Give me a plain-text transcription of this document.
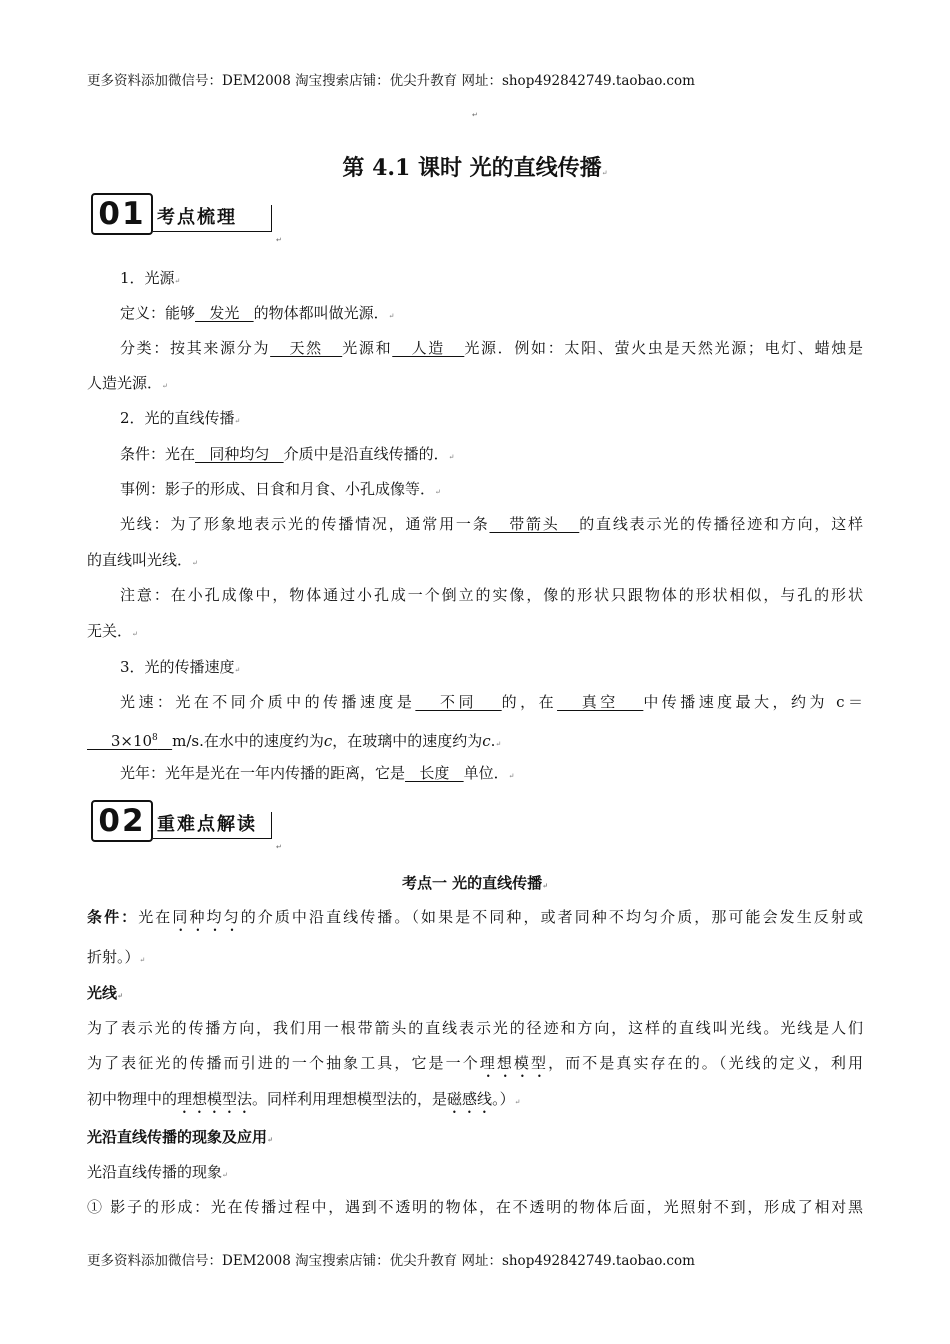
更多资料添加微信号：DEM2008 淘宝搜索店铺：优尖升教育 网址：shop492842749.taobao.com
↵
第 4.1 课时 光的直线传播↵
01 考点梳理
↵
1．光源↵
定义：能够   发光   的物体都叫做光源．↵
分类：按其来源分为   天然   光源和   人造   光源．例如：太阳、萤火虫是天然光源；电灯、蜡烛是
人造光源．↵
2．光的直线传播↵
条件：光在   同种均匀   介质中是沿直线传播的．↵
事例：影子的形成、日食和月食、小孔成像等．↵
光线：为了形象地表示光的传播情况，通常用一条   带箭头   的直线表示光的传播径迹和方向，这样
的直线叫光线．↵
注意：在小孔成像中，物体通过小孔成一个倒立的实像，像的形状只跟物体的形状相似，与孔的形状
无关．↵
3．光的传播速度↵
光速：光在不同介质中的传播速度是   不同   的，在   真空   中传播速度最大，约为 c＝
$3\times 10^8$ m/s.在水中的速度约为c，在玻璃中的速度约为c.↵
光年：光年是光在一年内传播的距离，它是   长度   单位．↵
02 重难点解读
↵
考点一 光的直线传播↵
条件：光在同种均匀的介质中沿直线传播。（如果是不同种，或者同种不均匀介质，那可能会发生反射或
折射。）↵
光线↵
为了表示光的传播方向，我们用一根带箭头的直线表示光的径迹和方向，这样的直线叫光线。光线是人们
为了表征光的传播而引进的一个抽象工具，它是一个理想模型，而不是真实存在的。（光线的定义，利用
初中物理中的理想模型法。同样利用理想模型法的，是磁感线。）↵
光沿直线传播的现象及应用↵
光沿直线传播的现象↵
① 影子的形成：光在传播过程中，遇到不透明的物体，在不透明的物体后面，光照射不到，形成了相对黑
更多资料添加微信号：DEM2008 淘宝搜索店铺：优尖升教育 网址：shop492842749.taobao.com
